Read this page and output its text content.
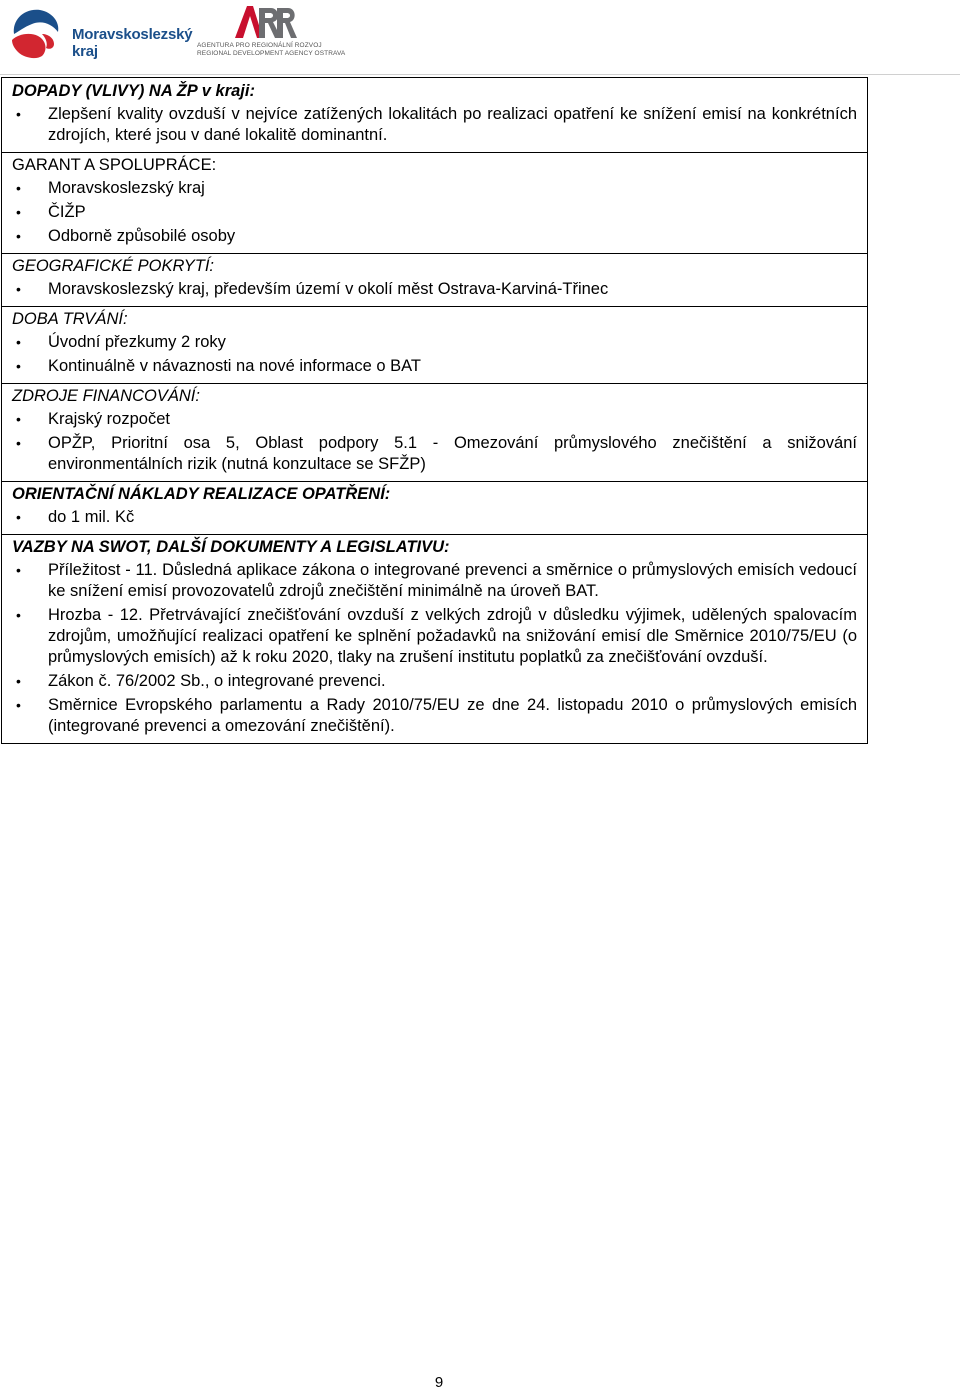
Moravskoslezský
kraj	AGENTURA PRO REGIONÁLNÍ ROZVOJ
REGIONAL DEVELOPMENT AGENCY OSTRAVA

DOPADY (VLIVY) NA ŽP v kraji:

• Zlepšení kvality ovzduší v nejvíce zatížených lokalitách po realizaci opatření ke snížení emisí na konkrétních zdrojích, které jsou v dané lokalitě dominantní.

GARANT A SPOLUPRÁCE:

• Moravskoslezský kraj
• ČIŽP
• Odborně způsobilé osoby

GEOGRAFICKÉ POKRYTÍ:

• Moravskoslezský kraj, především území v okolí měst Ostrava-Karviná-Třinec

DOBA TRVÁNÍ:

• Úvodní přezkumy 2 roky
• Kontinuálně v návaznosti na nové informace o BAT

ZDROJE FINANCOVÁNÍ:

• Krajský rozpočet
• OPŽP, Prioritní osa 5, Oblast podpory 5.1 - Omezování průmyslového znečištění a snižování environmentálních rizik (nutná konzultace se SFŽP)

ORIENTAČNÍ NÁKLADY REALIZACE OPATŘENÍ:

• do 1 mil. Kč

VAZBY NA SWOT, DALŠÍ DOKUMENTY A LEGISLATIVU:

• Příležitost - 11. Důsledná aplikace zákona o integrované prevenci a směrnice o průmyslových emisích vedoucí ke snížení emisí provozovatelů zdrojů znečištění minimálně na úroveň BAT.
• Hrozba - 12. Přetrvávající znečišťování ovzduší z velkých zdrojů v důsledku výjimek, udělených spalovacím zdrojům, umožňující realizaci opatření ke splnění požadavků na snižování emisí dle Směrnice 2010/75/EU (o průmyslových emisích) až k roku 2020, tlaky na zrušení institutu poplatků za znečišťování ovzduší.
• Zákon č. 76/2002 Sb., o integrované prevenci.
• Směrnice Evropského parlamentu a Rady 2010/75/EU ze dne 24. listopadu 2010 o průmyslových emisích (integrované prevenci a omezování znečištění).
9
